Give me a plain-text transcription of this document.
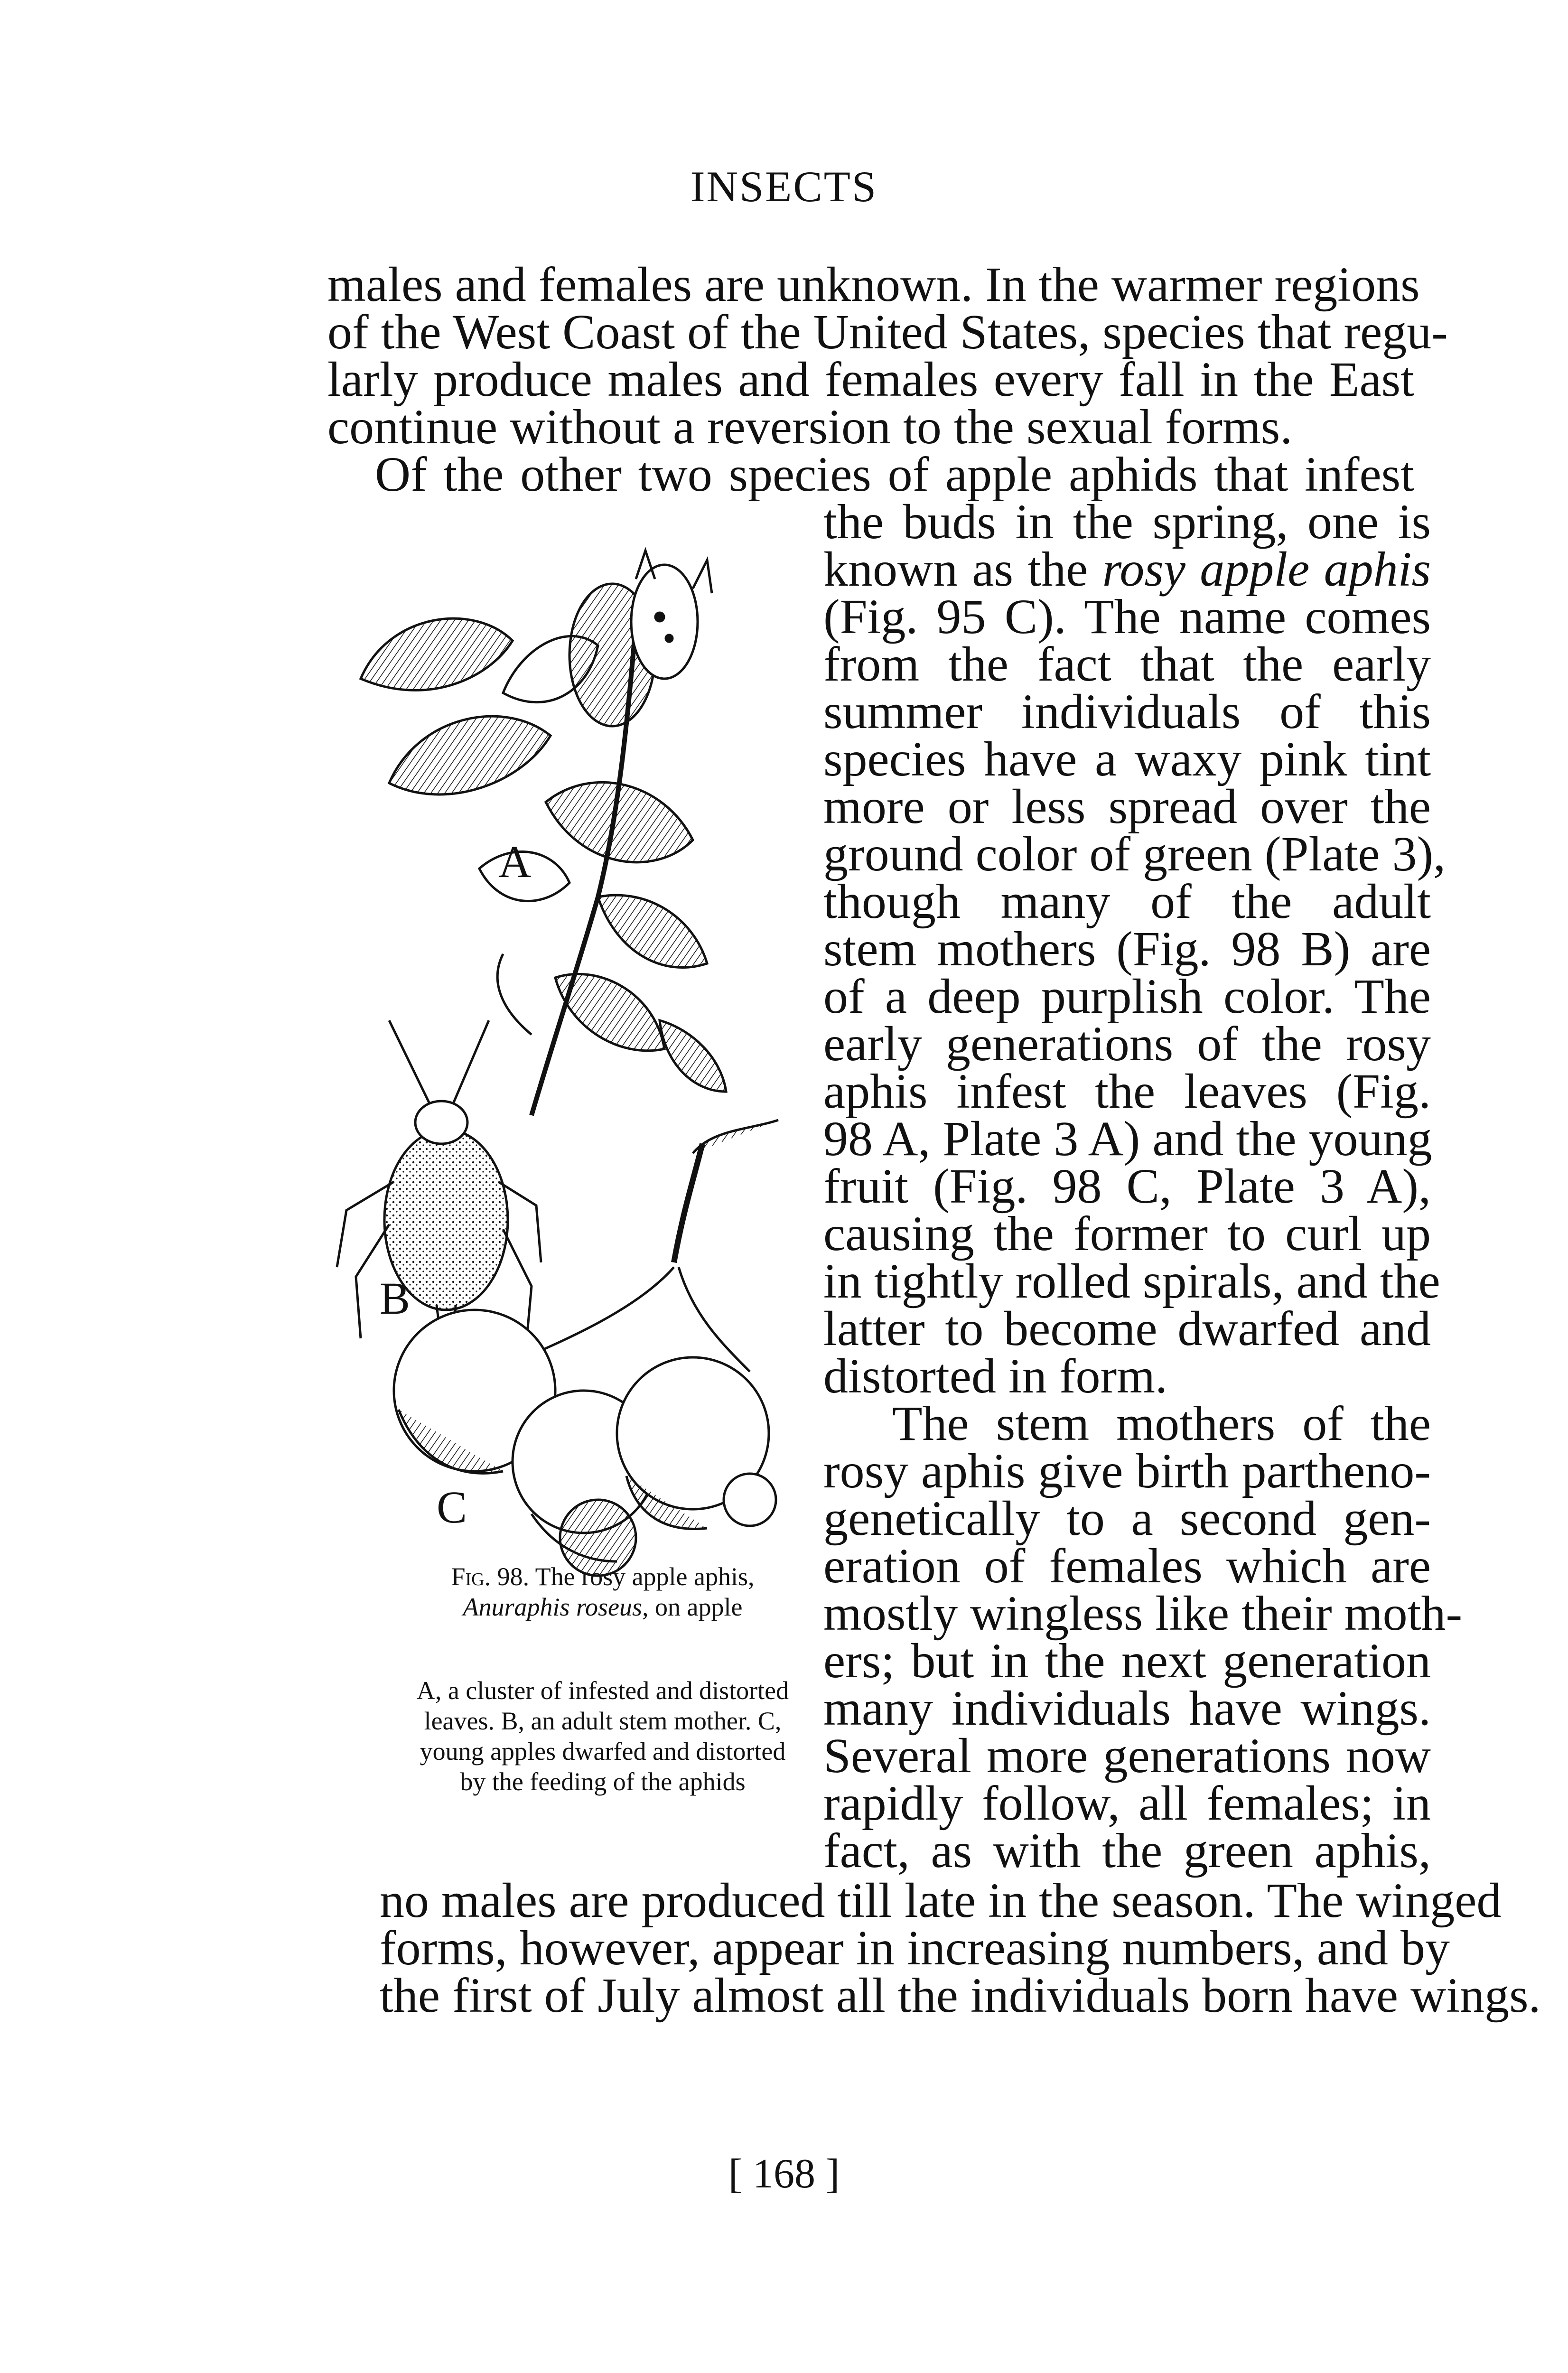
INSECTS
males and females are unknown. In the warmer regions
of the West Coast of the United States, species that regu-
larly produce males and females every fall in the East
continue without a reversion to the sexual forms.
Of the other two species of apple aphids that infest
the buds in the spring, one is
known as the rosy apple aphis
(Fig. 95 C). The name comes
from the fact that the early
summer individuals of this
species have a waxy pink tint
more or less spread over the
ground color of green (Plate 3),
though many of the adult
stem mothers (Fig. 98 B) are
of a deep purplish color. The
early generations of the rosy
aphis infest the leaves (Fig.
98 A, Plate 3 A) and the young
fruit (Fig. 98 C, Plate 3 A),
causing the former to curl up
in tightly rolled spirals, and the
latter to become dwarfed and
distorted in form.
The stem mothers of the
rosy aphis give birth partheno-
genetically to a second gen-
eration of females which are
mostly wingless like their moth-
ers; but in the next generation
many individuals have wings.
Several more generations now
rapidly follow, all females; in
fact, as with the green aphis,
no males are produced till late in the season. The winged
forms, however, appear in increasing numbers, and by
the first of July almost all the individuals born have wings.
A
B
C
Fig. 98. The rosy apple aphis, Anuraphis roseus, on apple
A, a cluster of infested and distorted leaves. B, an adult stem mother. C, young apples dwarfed and distorted by the feeding of the aphids
[ 168 ]
